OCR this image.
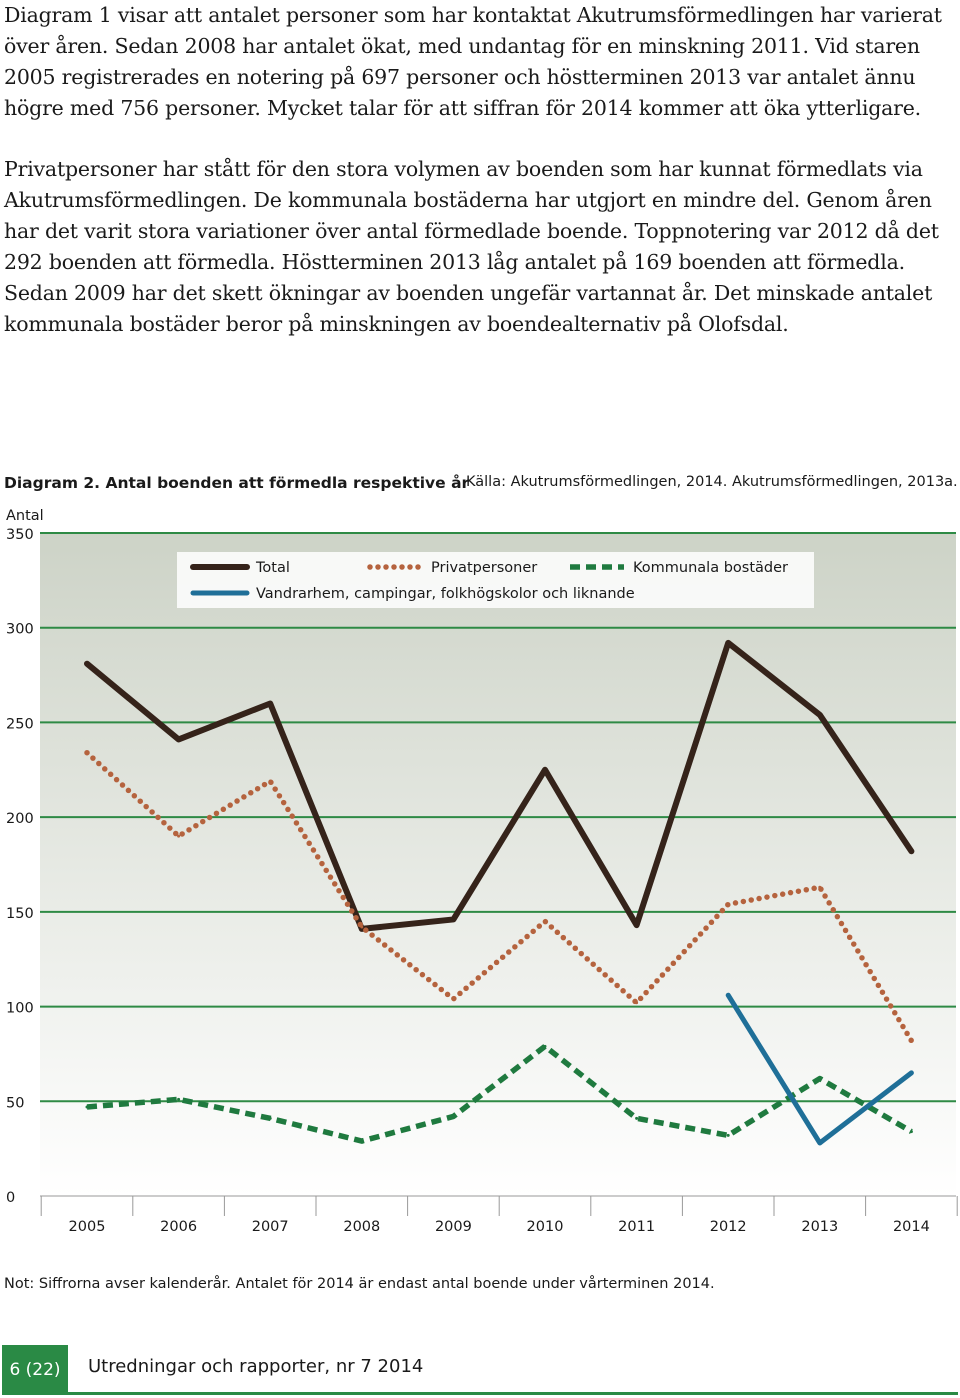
Diagram 1 visar att antalet personer som har kontaktat Akutrumsförmedlingen har varierat över åren. Sedan 2008 har antalet ökat, med undantag för en minskning 2011. Vid staren 2005 registrerades en notering på 697 personer och höstterminen 2013 var antalet ännu högre med 756 personer. Mycket talar för att siffran för 2014 kommer att öka ytterligare.

Privatpersoner har stått för den stora volymen av boenden som har kunnat förmedlats via Akutrumsförmedlingen. De kommunala bostäderna har utgjort en mindre del. Genom åren har det varit stora variationer över antal förmedlade boende. Toppnotering var 2012 då det 292 boenden att förmedla. Höstterminen 2013 låg antalet på 169 boenden att förmedla. Sedan 2009 har det skett ökningar av boenden ungefär vartannat år. Det minskade antalet kommunala bostäder beror på minskningen av boendealternativ på Olofsdal.

Diagram 2. Antal boenden att förmedla respektive år
Källa: Akutrumsförmedlingen, 2014. Akutrumsförmedlingen, 2013a.
Antal
0
50
100
150
200
250
300
350
2005	2006	2007	2008	2009	2010	2011	2012	2013	2014
Total	Privatpersoner	Kommunala bostäder
Vandrarhem, campingar, folkhögskolor och liknande
Not: Siffrorna avser kalenderår. Antalet för 2014 är endast antal boende under vårterminen 2014.
6 (22)	Utredningar och rapporter, nr 7 2014
